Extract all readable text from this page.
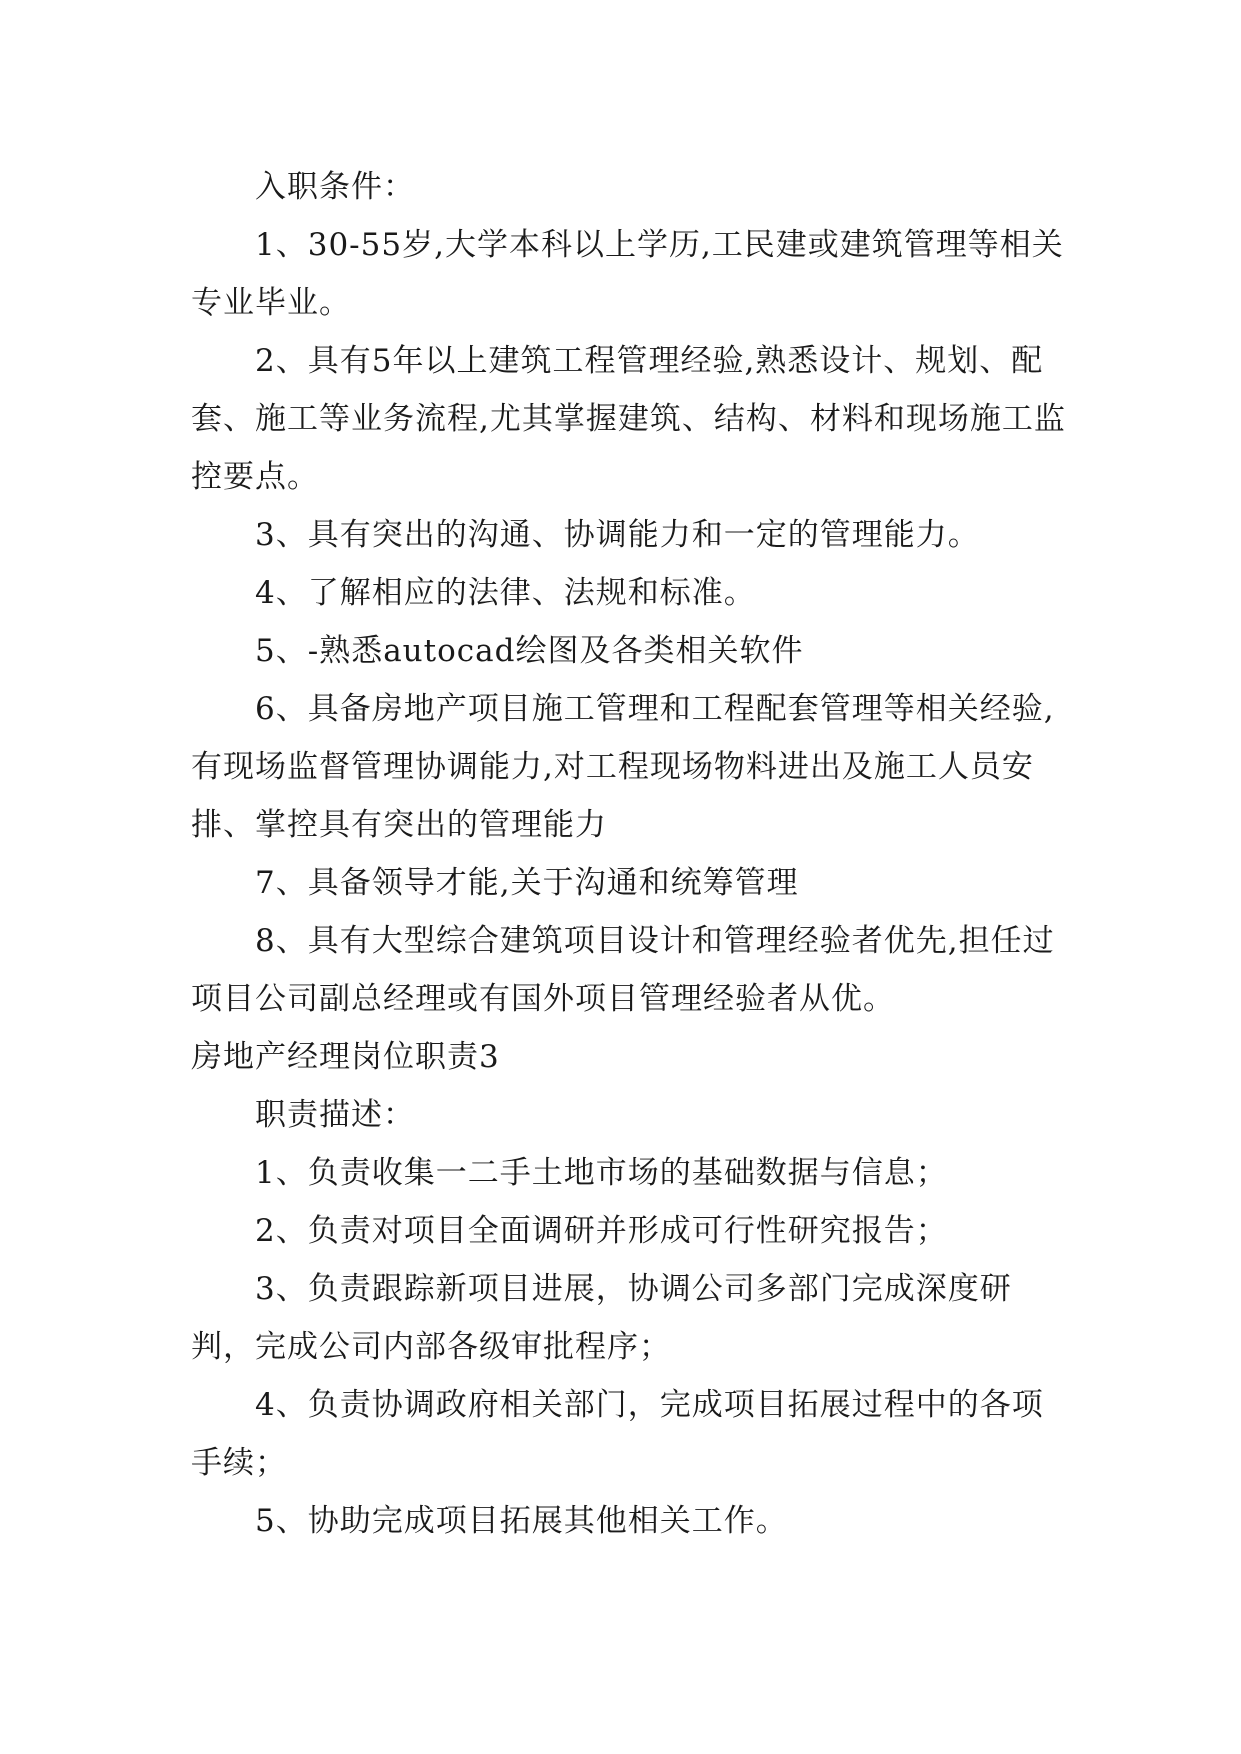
入职条件：

1、30-55岁,大学本科以上学历,工民建或建筑管理等相关专业毕业。

2、具有5年以上建筑工程管理经验,熟悉设计、规划、配套、施工等业务流程,尤其掌握建筑、结构、材料和现场施工监控要点。

3、具有突出的沟通、协调能力和一定的管理能力。

4、了解相应的法律、法规和标准。

5、-熟悉autocad绘图及各类相关软件

6、具备房地产项目施工管理和工程配套管理等相关经验,有现场监督管理协调能力,对工程现场物料进出及施工人员安排、掌控具有突出的管理能力

7、具备领导才能,关于沟通和统筹管理

8、具有大型综合建筑项目设计和管理经验者优先,担任过项目公司副总经理或有国外项目管理经验者从优。

房地产经理岗位职责3

职责描述：

1、负责收集一二手土地市场的基础数据与信息；

2、负责对项目全面调研并形成可行性研究报告；

3、负责跟踪新项目进展，协调公司多部门完成深度研判，完成公司内部各级审批程序；

4、负责协调政府相关部门，完成项目拓展过程中的各项手续；

5、协助完成项目拓展其他相关工作。
